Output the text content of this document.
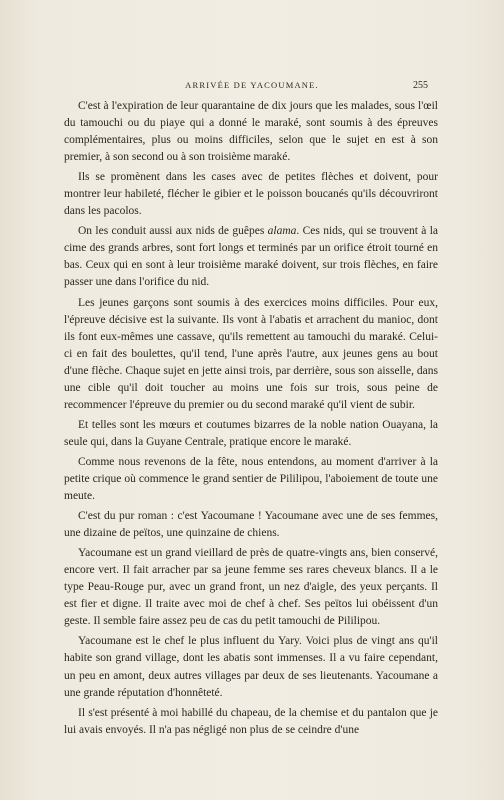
ARRIVÉE DE YACOUMANE.	255

C'est à l'expiration de leur quarantaine de dix jours que les malades, sous l'œil du tamouchi ou du piaye qui a donné le maraké, sont soumis à des épreuves complémentaires, plus ou moins difficiles, selon que le sujet en est à son premier, à son second ou à son troisième maraké.

Ils se promènent dans les cases avec de petites flèches et doivent, pour montrer leur habileté, flécher le gibier et le poisson boucanés qu'ils découvriront dans les pacolos.

On les conduit aussi aux nids de guêpes alama. Ces nids, qui se trouvent à la cime des grands arbres, sont fort longs et terminés par un orifice étroit tourné en bas. Ceux qui en sont à leur troisième maraké doivent, sur trois flèches, en faire passer une dans l'orifice du nid.

Les jeunes garçons sont soumis à des exercices moins difficiles. Pour eux, l'épreuve décisive est la suivante. Ils vont à l'abatis et arrachent du manioc, dont ils font eux-mêmes une cassave, qu'ils remettent au tamouchi du maraké. Celui-ci en fait des boulettes, qu'il tend, l'une après l'autre, aux jeunes gens au bout d'une flèche. Chaque sujet en jette ainsi trois, par derrière, sous son aisselle, dans une cible qu'il doit toucher au moins une fois sur trois, sous peine de recommencer l'épreuve du premier ou du second maraké qu'il vient de subir.

Et telles sont les mœurs et coutumes bizarres de la noble nation Ouayana, la seule qui, dans la Guyane Centrale, pratique encore le maraké.

Comme nous revenons de la fête, nous entendons, au moment d'arriver à la petite crique où commence le grand sentier de Pililipou, l'aboiement de toute une meute.

C'est du pur roman : c'est Yacoumane ! Yacoumane avec une de ses femmes, une dizaine de peïtos, une quinzaine de chiens.

Yacoumane est un grand vieillard de près de quatre-vingts ans, bien conservé, encore vert. Il fait arracher par sa jeune femme ses rares cheveux blancs. Il a le type Peau-Rouge pur, avec un grand front, un nez d'aigle, des yeux perçants. Il est fier et digne. Il traite avec moi de chef à chef. Ses peïtos lui obéissent d'un geste. Il semble faire assez peu de cas du petit tamouchi de Pililipou.

Yacoumane est le chef le plus influent du Yary. Voici plus de vingt ans qu'il habite son grand village, dont les abatis sont immenses. Il a vu faire cependant, un peu en amont, deux autres villages par deux de ses lieutenants. Yacoumane a une grande réputation d'honnêteté.

Il s'est présenté à moi habillé du chapeau, de la chemise et du pantalon que je lui avais envoyés. Il n'a pas négligé non plus de se ceindre d'une
